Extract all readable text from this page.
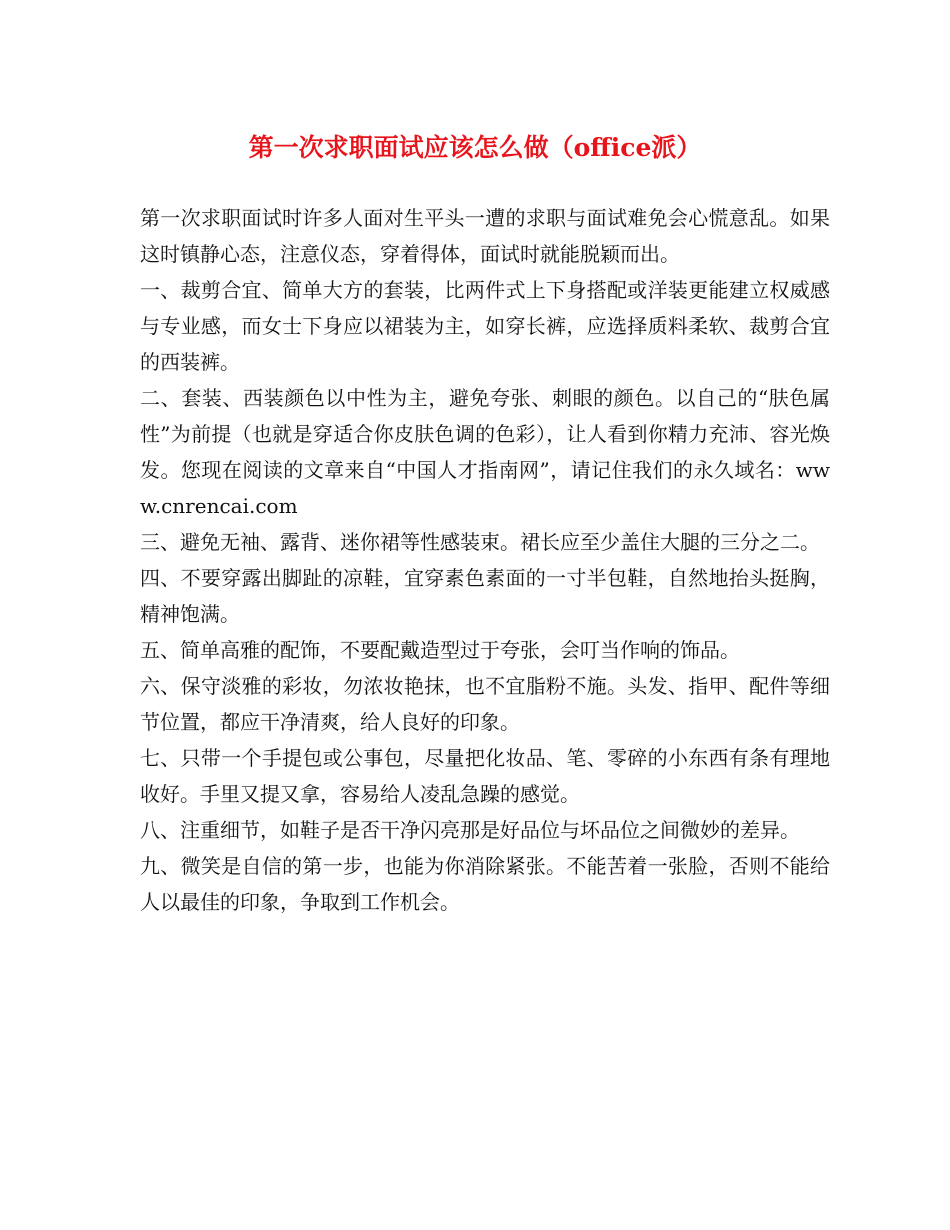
第一次求职面试应该怎么做（office派）

第一次求职面试时许多人面对生平头一遭的求职与面试难免会心慌意乱。如果这时镇静心态，注意仪态，穿着得体，面试时就能脱颖而出。

一、裁剪合宜、简单大方的套装，比两件式上下身搭配或洋装更能建立权威感与专业感，而女士下身应以裙装为主，如穿长裤，应选择质料柔软、裁剪合宜的西装裤。

二、套装、西装颜色以中性为主，避免夸张、刺眼的颜色。以自己的“肤色属性”为前提（也就是穿适合你皮肤色调的色彩），让人看到你精力充沛、容光焕发。您现在阅读的文章来自“中国人才指南网”，请记住我们的永久域名：www.cnrencai.com

三、避免无袖、露背、迷你裙等性感装束。裙长应至少盖住大腿的三分之二。

四、不要穿露出脚趾的凉鞋，宜穿素色素面的一寸半包鞋，自然地抬头挺胸，精神饱满。

五、简单高雅的配饰，不要配戴造型过于夸张，会叮当作响的饰品。

六、保守淡雅的彩妆，勿浓妆艳抹，也不宜脂粉不施。头发、指甲、配件等细节位置，都应干净清爽，给人良好的印象。

七、只带一个手提包或公事包，尽量把化妆品、笔、零碎的小东西有条有理地收好。手里又提又拿，容易给人凌乱急躁的感觉。

八、注重细节，如鞋子是否干净闪亮那是好品位与坏品位之间微妙的差异。

九、微笑是自信的第一步，也能为你消除紧张。不能苦着一张脸，否则不能给人以最佳的印象，争取到工作机会。
